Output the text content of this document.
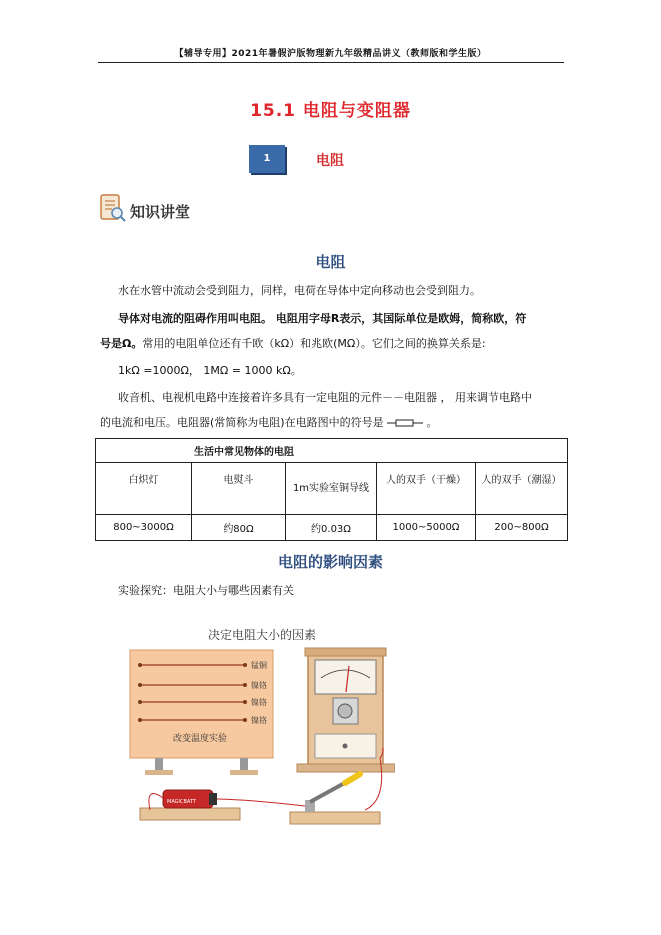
【辅导专用】2021年暑假沪版物理新九年级精品讲义（教师版和学生版）
15.1 电阻与变阻器
1	电阻
知识讲堂
电阻
水在水管中流动会受到阻力，同样，电荷在导体中定向移动也会受到阻力。
导体对电流的阻碍作用叫电阻。 电阻用字母R表示，其国际单位是欧姆，简称欧，符
号是Ω。常用的电阻单位还有千欧（kΩ）和兆欧(MΩ）。它们之间的换算关系是:
1kΩ =1000Ω， 1MΩ = 1000 kΩ。
收音机、电视机电路中连接着许多具有一定电阻的元件－－电阻器 ， 用来调节电路中
的电流和电压。电阻器(常简称为电阻)在电路图中的符号是	。
生活中常见物体的电阻				
白炽灯	电熨斗	1m实验室铜导线	人的双手（干燥）	人的双手（潮湿）
800~3000Ω	约80Ω	约0.03Ω	1000~5000Ω	200~800Ω
电阻的影响因素
实验探究：电阻大小与哪些因素有关
决定电阻大小的因素
锰铜
镍铬
镍铬
镍铬
改变温度实验
MAGICBATT
